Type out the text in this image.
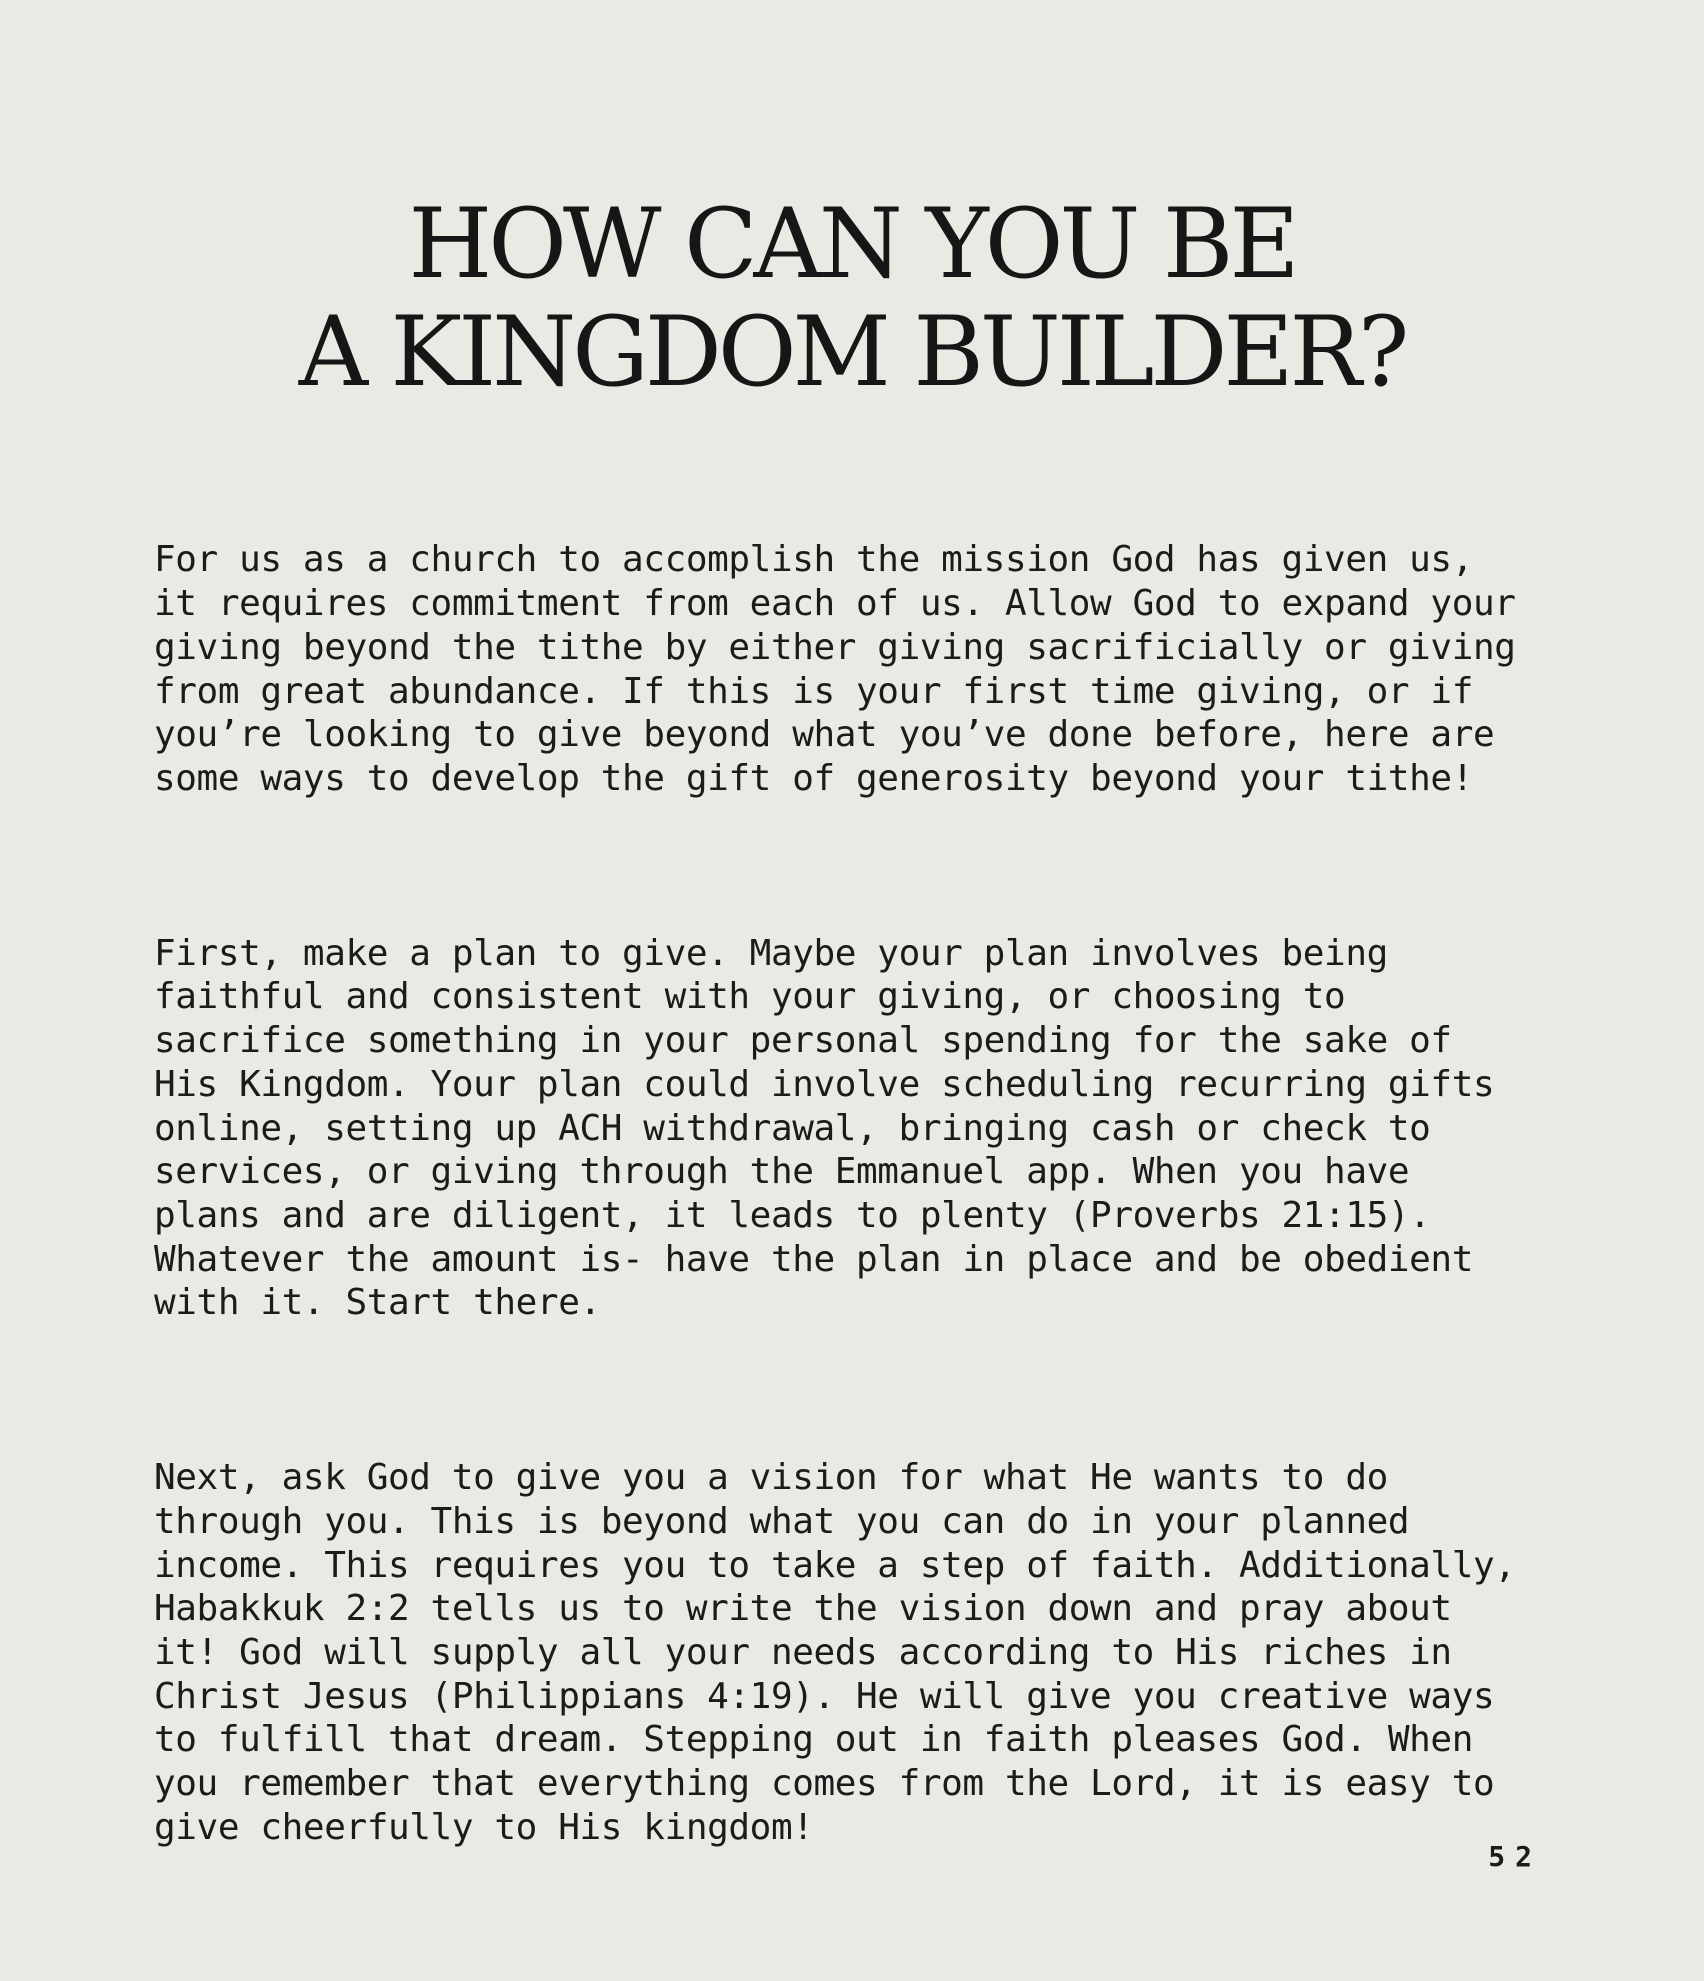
HOW CAN YOU BE
A KINGDOM BUILDER?

For us as a church to accomplish the mission God has given us,
it requires commitment from each of us. Allow God to expand your
giving beyond the tithe by either giving sacrificially or giving
from great abundance. If this is your first time giving, or if
you’re looking to give beyond what you’ve done before, here are
some ways to develop the gift of generosity beyond your tithe!

First, make a plan to give. Maybe your plan involves being
faithful and consistent with your giving, or choosing to
sacrifice something in your personal spending for the sake of
His Kingdom. Your plan could involve scheduling recurring gifts
online, setting up ACH withdrawal, bringing cash or check to
services, or giving through the Emmanuel app. When you have
plans and are diligent, it leads to plenty (Proverbs 21:15).
Whatever the amount is- have the plan in place and be obedient
with it. Start there.

Next, ask God to give you a vision for what He wants to do
through you. This is beyond what you can do in your planned
income. This requires you to take a step of faith. Additionally,
Habakkuk 2:2 tells us to write the vision down and pray about
it! God will supply all your needs according to His riches in
Christ Jesus (Philippians 4:19). He will give you creative ways
to fulfill that dream. Stepping out in faith pleases God. When
you remember that everything comes from the Lord, it is easy to
give cheerfully to His kingdom!

52
